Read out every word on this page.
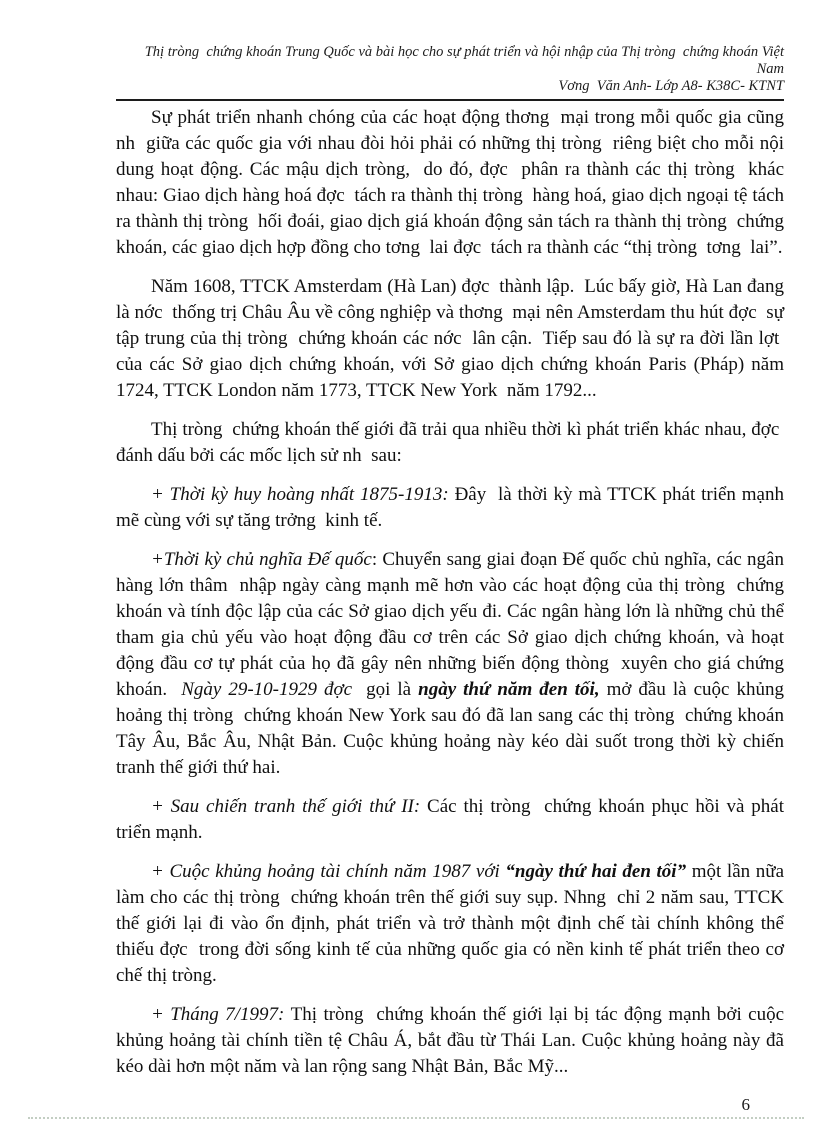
Thị tròng  chứng khoán Trung Quốc và bài học cho sự phát triển và hội nhập của Thị tròng  chứng khoán Việt Nam
Vơng  Văn Anh- Lớp A8- K38C- KTNT

Sự phát triển nhanh chóng của các hoạt động thơng  mại trong mỗi quốc gia cũng nh  giữa các quốc gia với nhau đòi hỏi phải có những thị tròng  riêng biệt cho mỗi nội dung hoạt động. Các mậu dịch tròng,  do đó, đợc  phân ra thành các thị tròng  khác nhau: Giao dịch hàng hoá đợc  tách ra thành thị tròng  hàng hoá, giao dịch ngoại tệ tách ra thành thị tròng  hối đoái, giao dịch giá khoán động sản tách ra thành thị tròng  chứng khoán, các giao dịch hợp đồng cho tơng  lai đợc  tách ra thành các “thị tròng  tơng  lai”.

Năm 1608, TTCK Amsterdam (Hà Lan) đợc  thành lập.  Lúc bấy giờ, Hà Lan đang là nớc  thống trị Châu Âu về công nghiệp và thơng  mại nên Amsterdam thu hút đợc  sự tập trung của thị tròng  chứng khoán các nớc  lân cận.  Tiếp sau đó là sự ra đời lần lợt  của các Sở giao dịch chứng khoán, với Sở giao dịch chứng khoán Paris (Pháp) năm 1724, TTCK London năm 1773, TTCK New York  năm 1792...

Thị tròng  chứng khoán thế giới đã trải qua nhiều thời kì phát triển khác nhau, đợc  đánh dấu bởi các mốc lịch sử nh  sau:

+ Thời kỳ huy hoàng nhất 1875-1913: Đây  là thời kỳ mà TTCK phát triển mạnh mẽ cùng với sự tăng trởng  kinh tế.

+Thời kỳ chủ nghĩa Đế quốc: Chuyển sang giai đoạn Đế quốc chủ nghĩa, các ngân hàng lớn thâm  nhập ngày càng mạnh mẽ hơn vào các hoạt động của thị tròng  chứng khoán và tính độc lập của các Sở giao dịch yếu đi. Các ngân hàng lớn là những chủ thể tham gia chủ yếu vào hoạt động đầu cơ trên các Sở giao dịch chứng khoán, và hoạt động đầu cơ tự phát của họ đã gây nên những biến động thòng  xuyên cho giá chứng khoán.  Ngày 29-10-1929 đợc  gọi là ngày thứ năm đen tối, mở đầu là cuộc khủng hoảng thị tròng  chứng khoán New York sau đó đã lan sang các thị tròng  chứng khoán Tây Âu, Bắc Âu, Nhật Bản. Cuộc khủng hoảng này kéo dài suốt trong thời kỳ chiến tranh thế giới thứ hai.

+ Sau chiến tranh thế giới thứ II: Các thị tròng  chứng khoán phục hồi và phát triển mạnh.

+ Cuộc khủng hoảng tài chính năm 1987 với “ngày thứ hai đen tối” một lần nữa làm cho các thị tròng  chứng khoán trên thế giới suy sụp. Nhng  chỉ 2 năm sau, TTCK thế giới lại đi vào ổn định, phát triển và trở thành một định chế tài chính không thể thiếu đợc  trong đời sống kinh tế của những quốc gia có nền kinh tế phát triển theo cơ chế thị tròng.

+ Tháng 7/1997: Thị tròng  chứng khoán thế giới lại bị tác động mạnh bởi cuộc khủng hoảng tài chính tiền tệ Châu Á, bắt đầu từ Thái Lan. Cuộc khủng hoảng này đã kéo dài hơn một năm và lan rộng sang Nhật Bản, Bắc Mỹ...

6
